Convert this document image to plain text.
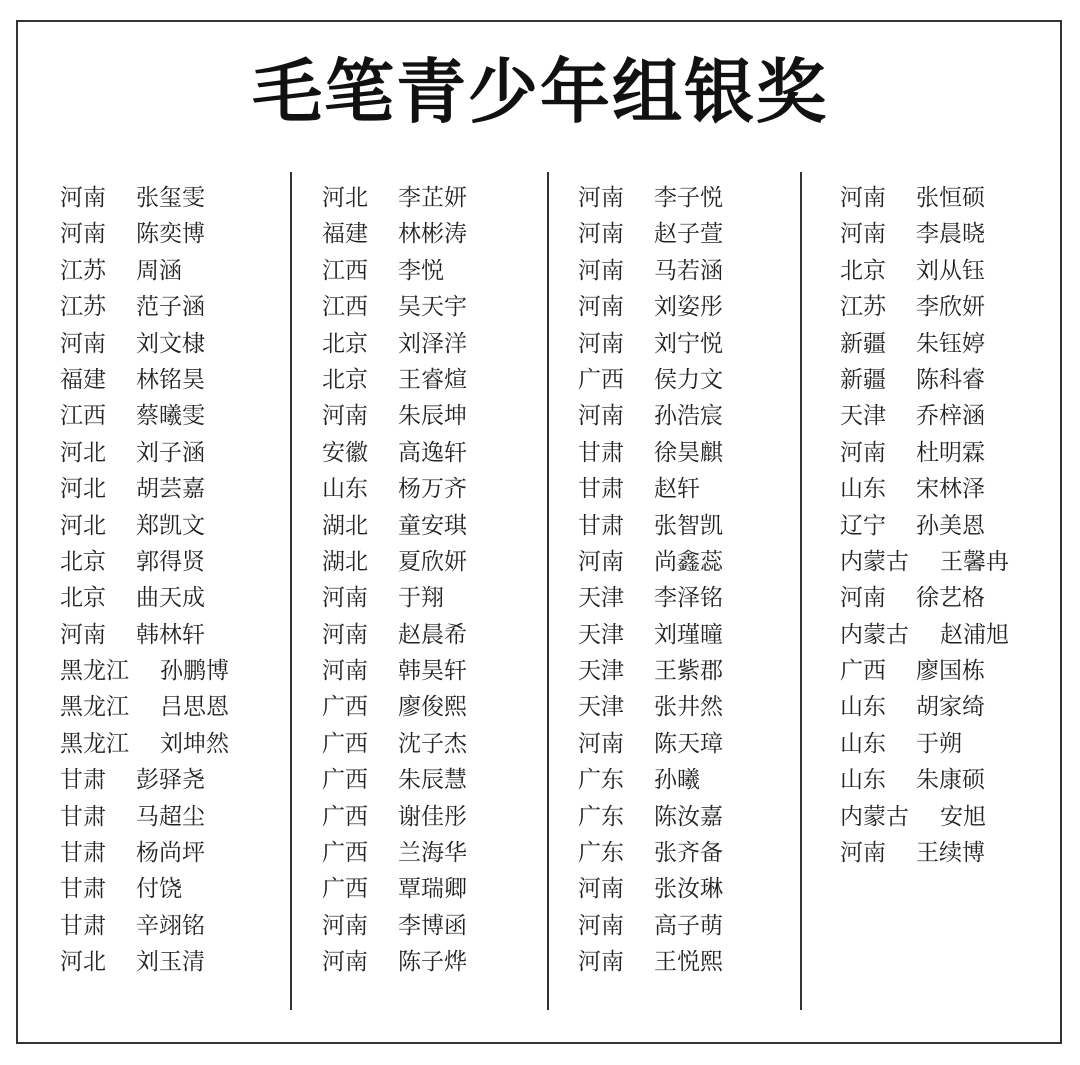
毛笔青少年组银奖
河南 张玺雯
河南 陈奕博
江苏 周涵
江苏 范子涵
河南 刘文棣
福建 林铭昊
江西 蔡曦雯
河北 刘子涵
河北 胡芸嘉
河北 郑凯文
北京 郭得贤
北京 曲天成
河南 韩林轩
黑龙江 孙鹏博
黑龙江 吕思恩
黑龙江 刘坤然
甘肃 彭驿尧
甘肃 马超尘
甘肃 杨尚坪
甘肃 付饶
甘肃 辛翊铭
河北 刘玉清
河北 李芷妍
福建 林彬涛
江西 李悦
江西 吴天宇
北京 刘泽洋
北京 王睿煊
河南 朱辰坤
安徽 高逸轩
山东 杨万齐
湖北 童安琪
湖北 夏欣妍
河南 于翔
河南 赵晨希
河南 韩昊轩
广西 廖俊熙
广西 沈子杰
广西 朱辰慧
广西 谢佳彤
广西 兰海华
广西 覃瑞卿
河南 李博函
河南 陈子烨
河南 李子悦
河南 赵子萱
河南 马若涵
河南 刘姿彤
河南 刘宁悦
广西 侯力文
河南 孙浩宸
甘肃 徐昊麒
甘肃 赵轩
甘肃 张智凯
河南 尚鑫蕊
天津 李泽铭
天津 刘瑾曈
天津 王紫郡
天津 张井然
河南 陈天璋
广东 孙曦
广东 陈汝嘉
广东 张齐备
河南 张汝琳
河南 高子萌
河南 王悦熙
河南 张恒硕
河南 李晨晓
北京 刘从钰
江苏 李欣妍
新疆 朱钰婷
新疆 陈科睿
天津 乔梓涵
河南 杜明霖
山东 宋林泽
辽宁 孙美恩
内蒙古 王馨冉
河南 徐艺格
内蒙古 赵浦旭
广西 廖国栋
山东 胡家绮
山东 于朔
山东 朱康硕
内蒙古 安旭
河南 王续博
